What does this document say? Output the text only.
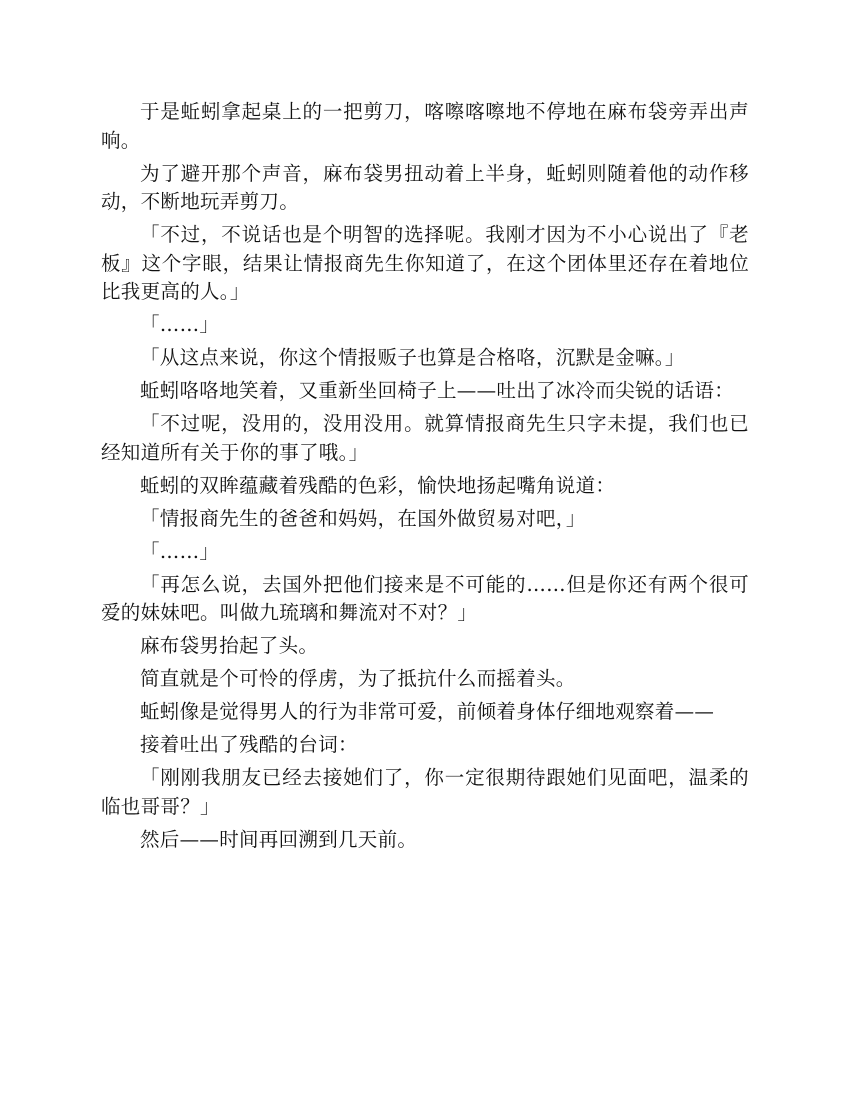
于是蚯蚓拿起桌上的一把剪刀，喀嚓喀嚓地不停地在麻布袋旁弄出声响。

为了避开那个声音，麻布袋男扭动着上半身，蚯蚓则随着他的动作移动，不断地玩弄剪刀。

「不过，不说话也是个明智的选择呢。我刚才因为不小心说出了『老板』这个字眼，结果让情报商先生你知道了，在这个团体里还存在着地位比我更高的人。」

「……」

「从这点来说，你这个情报贩子也算是合格咯，沉默是金嘛。」

蚯蚓咯咯地笑着，又重新坐回椅子上——吐出了冰冷而尖锐的话语：

「不过呢，没用的，没用没用。就算情报商先生只字未提，我们也已经知道所有关于你的事了哦。」

蚯蚓的双眸蕴藏着残酷的色彩，愉快地扬起嘴角说道：

「情报商先生的爸爸和妈妈，在国外做贸易对吧，」

「……」

「再怎么说，去国外把他们接来是不可能的……但是你还有两个很可爱的妹妹吧。叫做九琉璃和舞流对不对？」

麻布袋男抬起了头。

简直就是个可怜的俘虏，为了抵抗什么而摇着头。

蚯蚓像是觉得男人的行为非常可爱，前倾着身体仔细地观察着——

接着吐出了残酷的台词：

「刚刚我朋友已经去接她们了，你一定很期待跟她们见面吧，温柔的临也哥哥？」

然后——时间再回溯到几天前。
